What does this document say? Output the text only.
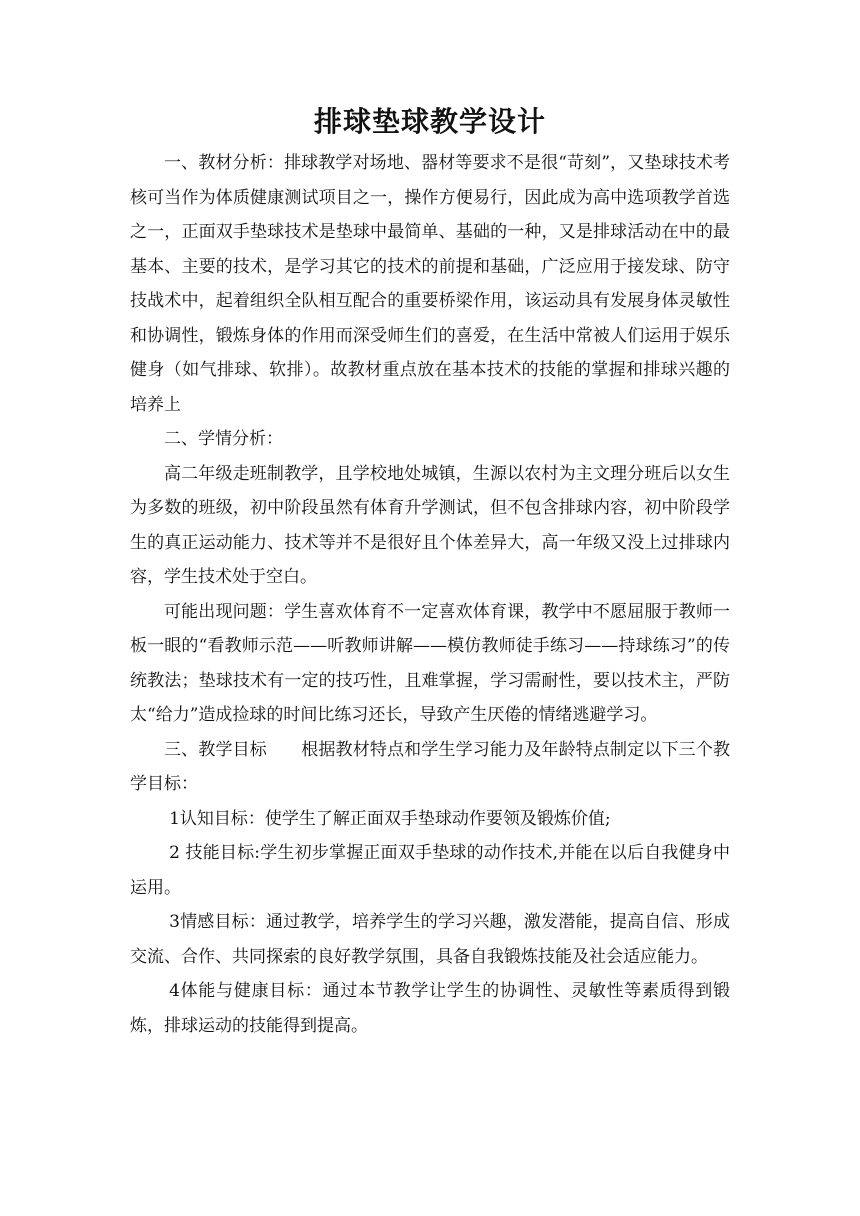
排球垫球教学设计

一、教材分析：排球教学对场地、器材等要求不是很“苛刻”，又垫球技术考核可当作为体质健康测试项目之一，操作方便易行，因此成为高中选项教学首选之一，正面双手垫球技术是垫球中最简单、基础的一种，又是排球活动在中的最基本、主要的技术，是学习其它的技术的前提和基础，广泛应用于接发球、防守技战术中，起着组织全队相互配合的重要桥梁作用，该运动具有发展身体灵敏性和协调性，锻炼身体的作用而深受师生们的喜爱，在生活中常被人们运用于娱乐健身（如气排球、软排）。故教材重点放在基本技术的技能的掌握和排球兴趣的培养上

二、学情分析：

高二年级走班制教学，且学校地处城镇，生源以农村为主文理分班后以女生为多数的班级，初中阶段虽然有体育升学测试，但不包含排球内容，初中阶段学生的真正运动能力、技术等并不是很好且个体差异大，高一年级又没上过排球内容，学生技术处于空白。

可能出现问题：学生喜欢体育不一定喜欢体育课，教学中不愿屈服于教师一板一眼的“看教师示范——听教师讲解——模仿教师徒手练习——持球练习”的传统教法；垫球技术有一定的技巧性，且难掌握，学习需耐性，要以技术主，严防太“给力”造成捡球的时间比练习还长，导致产生厌倦的情绪逃避学习。

三、教学目标　　根据教材特点和学生学习能力及年龄特点制定以下三个教学目标：

1认知目标：使学生了解正面双手垫球动作要领及锻炼价值;

2 技能目标:学生初步掌握正面双手垫球的动作技术,并能在以后自我健身中运用。

3情感目标：通过教学，培养学生的学习兴趣，激发潜能，提高自信、形成交流、合作、共同探索的良好教学氛围，具备自我锻炼技能及社会适应能力。

4体能与健康目标：通过本节教学让学生的协调性、灵敏性等素质得到锻炼，排球运动的技能得到提高。
